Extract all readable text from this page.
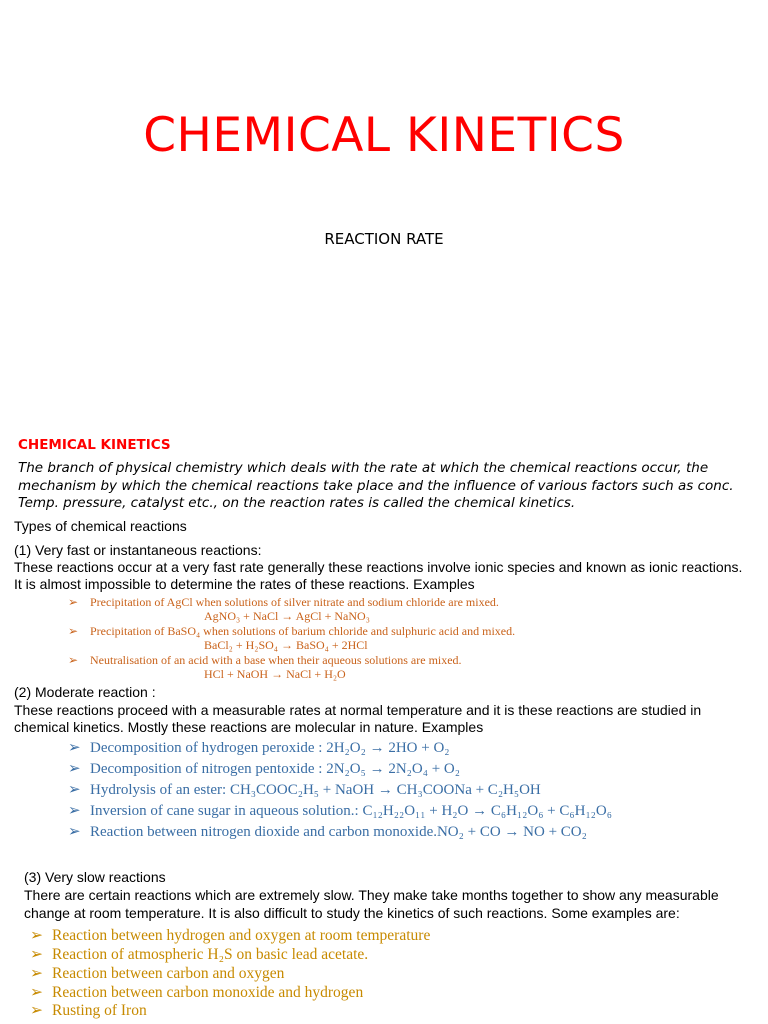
CHEMICAL KINETICS
REACTION RATE
CHEMICAL KINETICS
The branch of physical chemistry which deals with the rate at which the chemical reactions occur, the mechanism by which the chemical reactions take place and the influence of various factors such as conc. Temp. pressure, catalyst etc., on the reaction rates is called the chemical kinetics.
Types of chemical reactions
(1) Very fast or instantaneous reactions:
These reactions occur at a very fast rate generally these reactions involve ionic species and known as ionic reactions.
It is almost impossible to determine the rates of these reactions. Examples
➢ Precipitation of AgCl when solutions of silver nitrate and sodium chloride are mixed.
AgNO₃ + NaCl → AgCl + NaNO₃
➢ Precipitation of BaSO₄ when solutions of barium chloride and sulphuric acid and mixed.
BaCl₂ + H₂SO₄ → BaSO₄ + 2HCl
➢ Neutralisation of an acid with a base when their aqueous solutions are mixed.
HCl + NaOH → NaCl + H₂O
(2) Moderate reaction :
These reactions proceed with a measurable rates at normal temperature and it is these reactions are studied in
chemical kinetics. Mostly these reactions are molecular in nature. Examples
➢ Decomposition of hydrogen peroxide : 2H₂O₂ → 2HO + O₂
➢ Decomposition of nitrogen pentoxide : 2N₂O₅ → 2N₂O₄ + O₂
➢ Hydrolysis of an ester: CH₃COOC₂H₅ + NaOH → CH₃COONa + C₂H₅OH
➢ Inversion of cane sugar in aqueous solution.: C₁₂H₂₂O₁₁ + H₂O → C₆H₁₂O₆ + C₆H₁₂O₆
➢ Reaction between nitrogen dioxide and carbon monoxide.NO₂ + CO → NO + CO₂
(3) Very slow reactions
There are certain reactions which are extremely slow. They make take months together to show any measurable
change at room temperature. It is also difficult to study the kinetics of such reactions. Some examples are:
➢ Reaction between hydrogen and oxygen at room temperature
➢ Reaction of atmospheric H₂S on basic lead acetate.
➢ Reaction between carbon and oxygen
➢ Reaction between carbon monoxide and hydrogen
➢ Rusting of Iron
